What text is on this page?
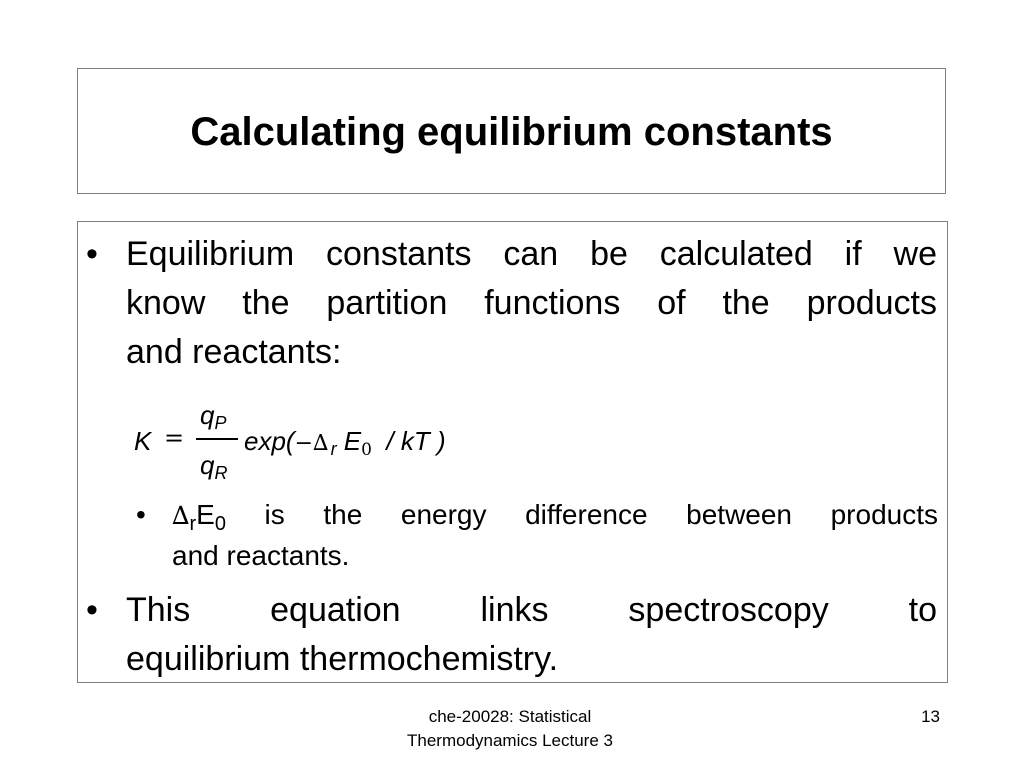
Calculating equilibrium constants
• Equilibrium constants can be calculated if we
know the partition functions of the products
and reactants:
K =
qP
qR
exp(−∆  r E0 / kT )
•	$\Delta_rE_0$ is the energy difference between products
and reactants.
• This equation links spectroscopy to
equilibrium thermochemistry.
che-20028: Statistical
Thermodynamics Lecture 3
13
